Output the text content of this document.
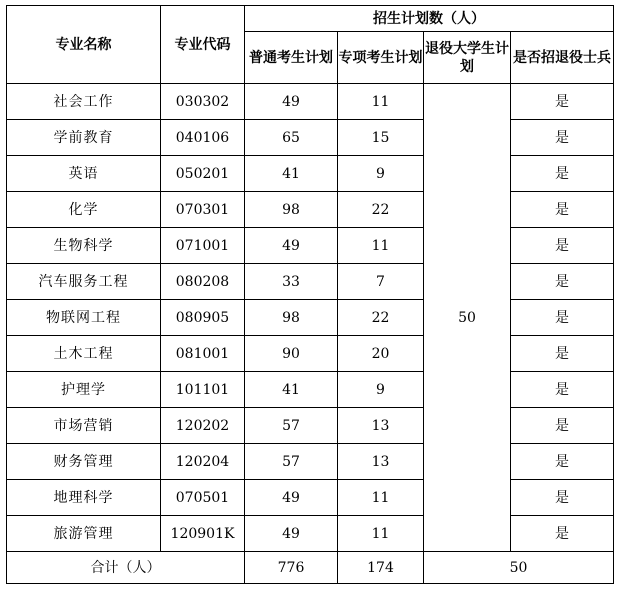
专业名称	专业代码	招生计划数（人）			
		普通考生计划	专项考生计划	退役大学生计划	是否招退役士兵
社会工作	030302	49	11	50	是
学前教育	040106	65	15		是
英语	050201	41	9		是
化学	070301	98	22		是
生物科学	071001	49	11		是
汽车服务工程	080208	33	7		是
物联网工程	080905	98	22		是
土木工程	081001	90	20		是
护理学	101101	41	9		是
市场营销	120202	57	13		是
财务管理	120204	57	13		是
地理科学	070501	49	11		是
旅游管理	120901K	49	11		是
合计（人）		776	174	50	
